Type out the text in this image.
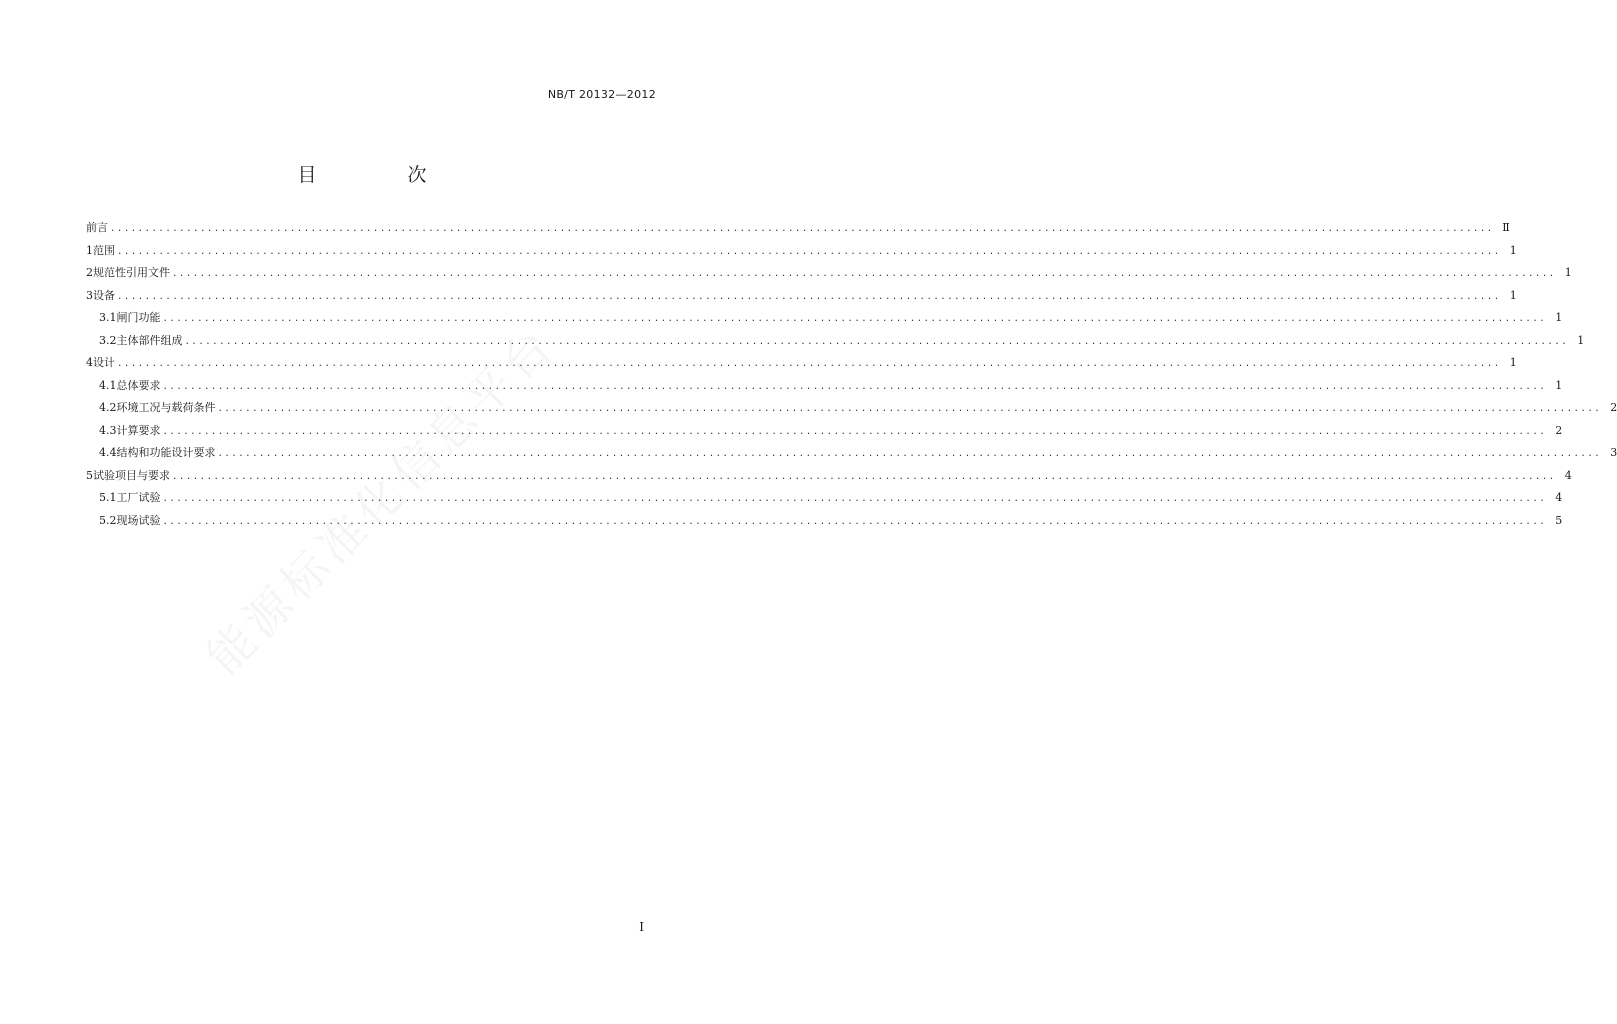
NB/T 20132—2012
目　次
前言 ........................................................................................................................................................................................................ Ⅱ
1 范围 ........................................................................................................................................................................................................ 1
2 规范性引用文件 ........................................................................................................................................................................................................ 1
3 设备 ........................................................................................................................................................................................................ 1
3.1 闸门功能 ........................................................................................................................................................................................................ 1
3.2 主体部件组成 ........................................................................................................................................................................................................ 1
4 设计 ........................................................................................................................................................................................................ 1
4.1 总体要求 ........................................................................................................................................................................................................ 1
4.2 环境工况与载荷条件 ........................................................................................................................................................................................................ 2
4.3 计算要求 ........................................................................................................................................................................................................ 2
4.4 结构和功能设计要求 ........................................................................................................................................................................................................ 3
5 试验项目与要求 ........................................................................................................................................................................................................ 4
5.1 工厂试验 ........................................................................................................................................................................................................ 4
5.2 现场试验 ........................................................................................................................................................................................................ 5
Ⅰ
